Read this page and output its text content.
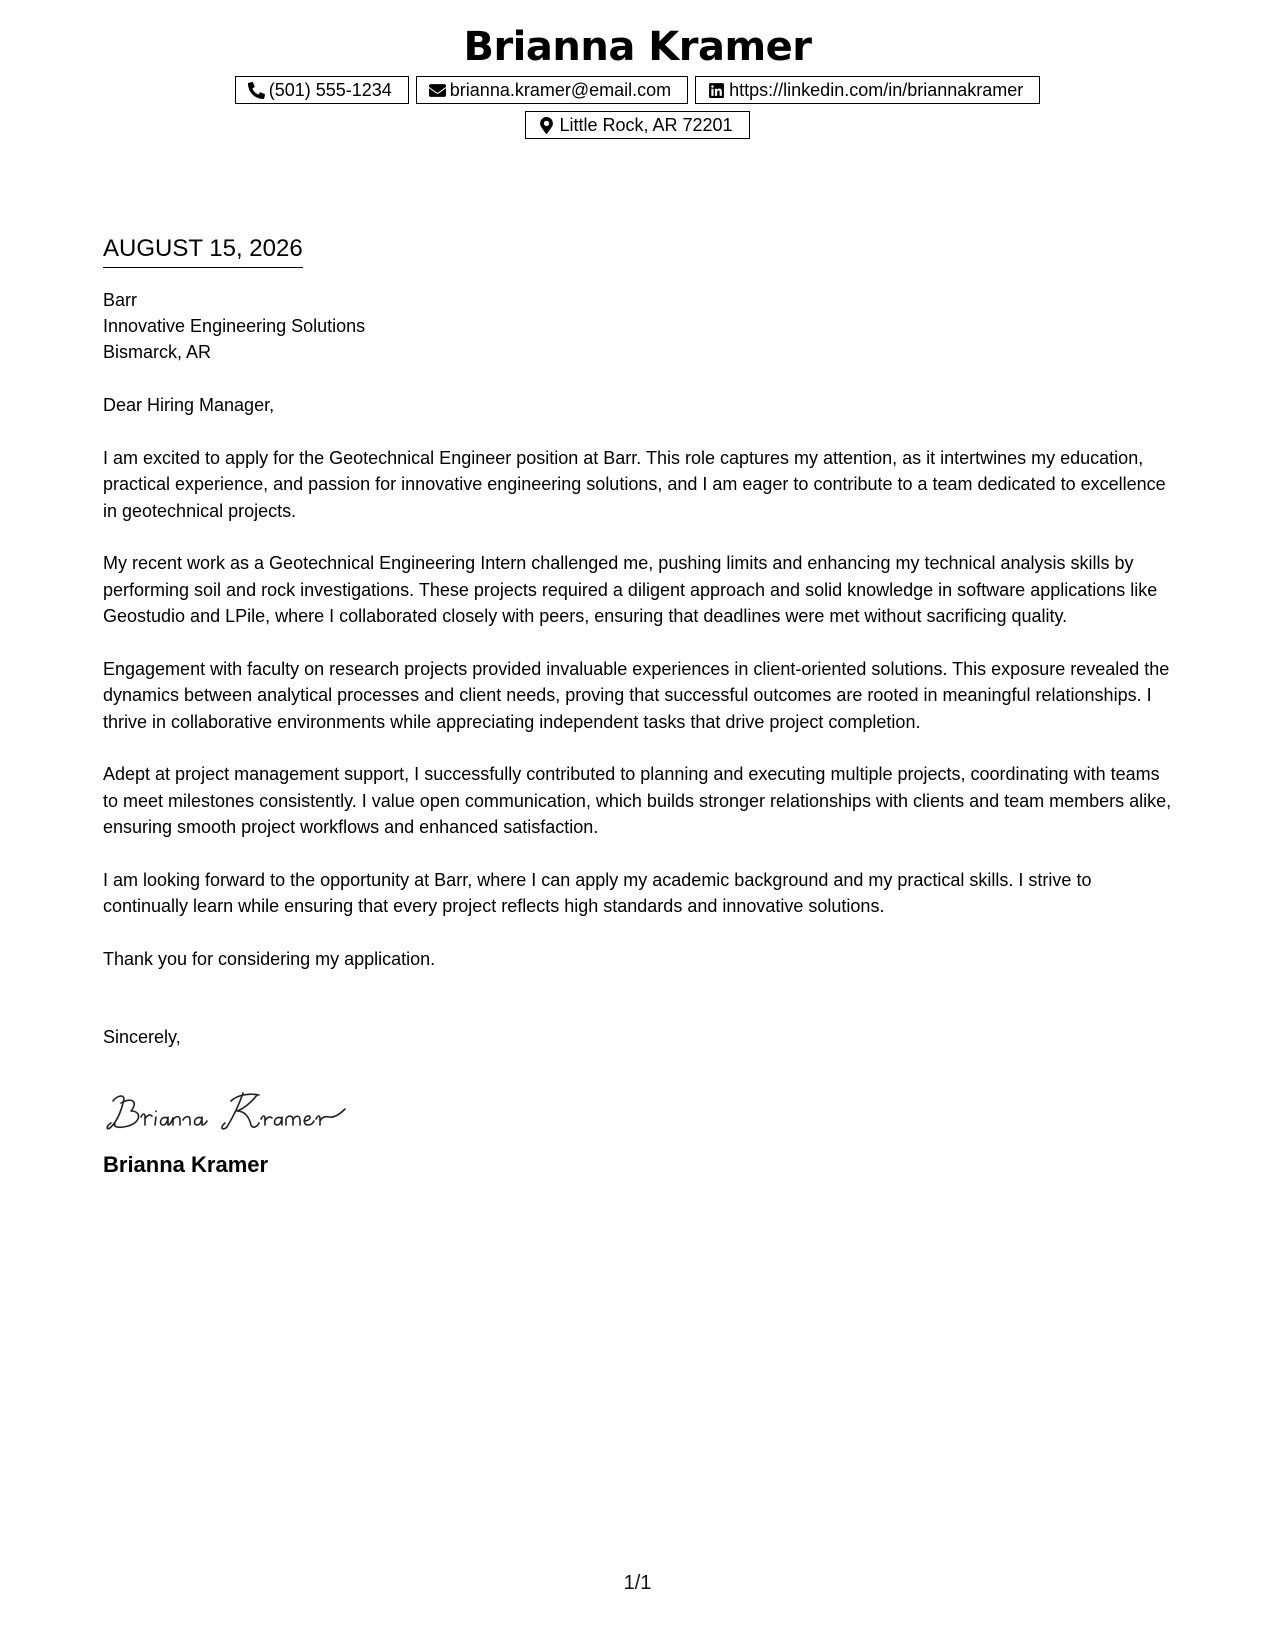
Brianna Kramer
(501) 555-1234	brianna.kramer@email.com	https://linkedin.com/in/briannakramer
Little Rock, AR 72201
AUGUST 15, 2026
Barr
Innovative Engineering Solutions
Bismarck, AR
Dear Hiring Manager,

I am excited to apply for the Geotechnical Engineer position at Barr. This role captures my attention, as it intertwines my education, practical experience, and passion for innovative engineering solutions, and I am eager to contribute to a team dedicated to excellence in geotechnical projects.

My recent work as a Geotechnical Engineering Intern challenged me, pushing limits and enhancing my technical analysis skills by performing soil and rock investigations. These projects required a diligent approach and solid knowledge in software applications like Geostudio and LPile, where I collaborated closely with peers, ensuring that deadlines were met without sacrificing quality.

Engagement with faculty on research projects provided invaluable experiences in client-oriented solutions. This exposure revealed the dynamics between analytical processes and client needs, proving that successful outcomes are rooted in meaningful relationships. I thrive in collaborative environments while appreciating independent tasks that drive project completion.

Adept at project management support, I successfully contributed to planning and executing multiple projects, coordinating with teams to meet milestones consistently. I value open communication, which builds stronger relationships with clients and team members alike, ensuring smooth project workflows and enhanced satisfaction.

I am looking forward to the opportunity at Barr, where I can apply my academic background and my practical skills. I strive to continually learn while ensuring that every project reflects high standards and innovative solutions.

Thank you for considering my application.

Sincerely,
Brianna Kramer
1/1
